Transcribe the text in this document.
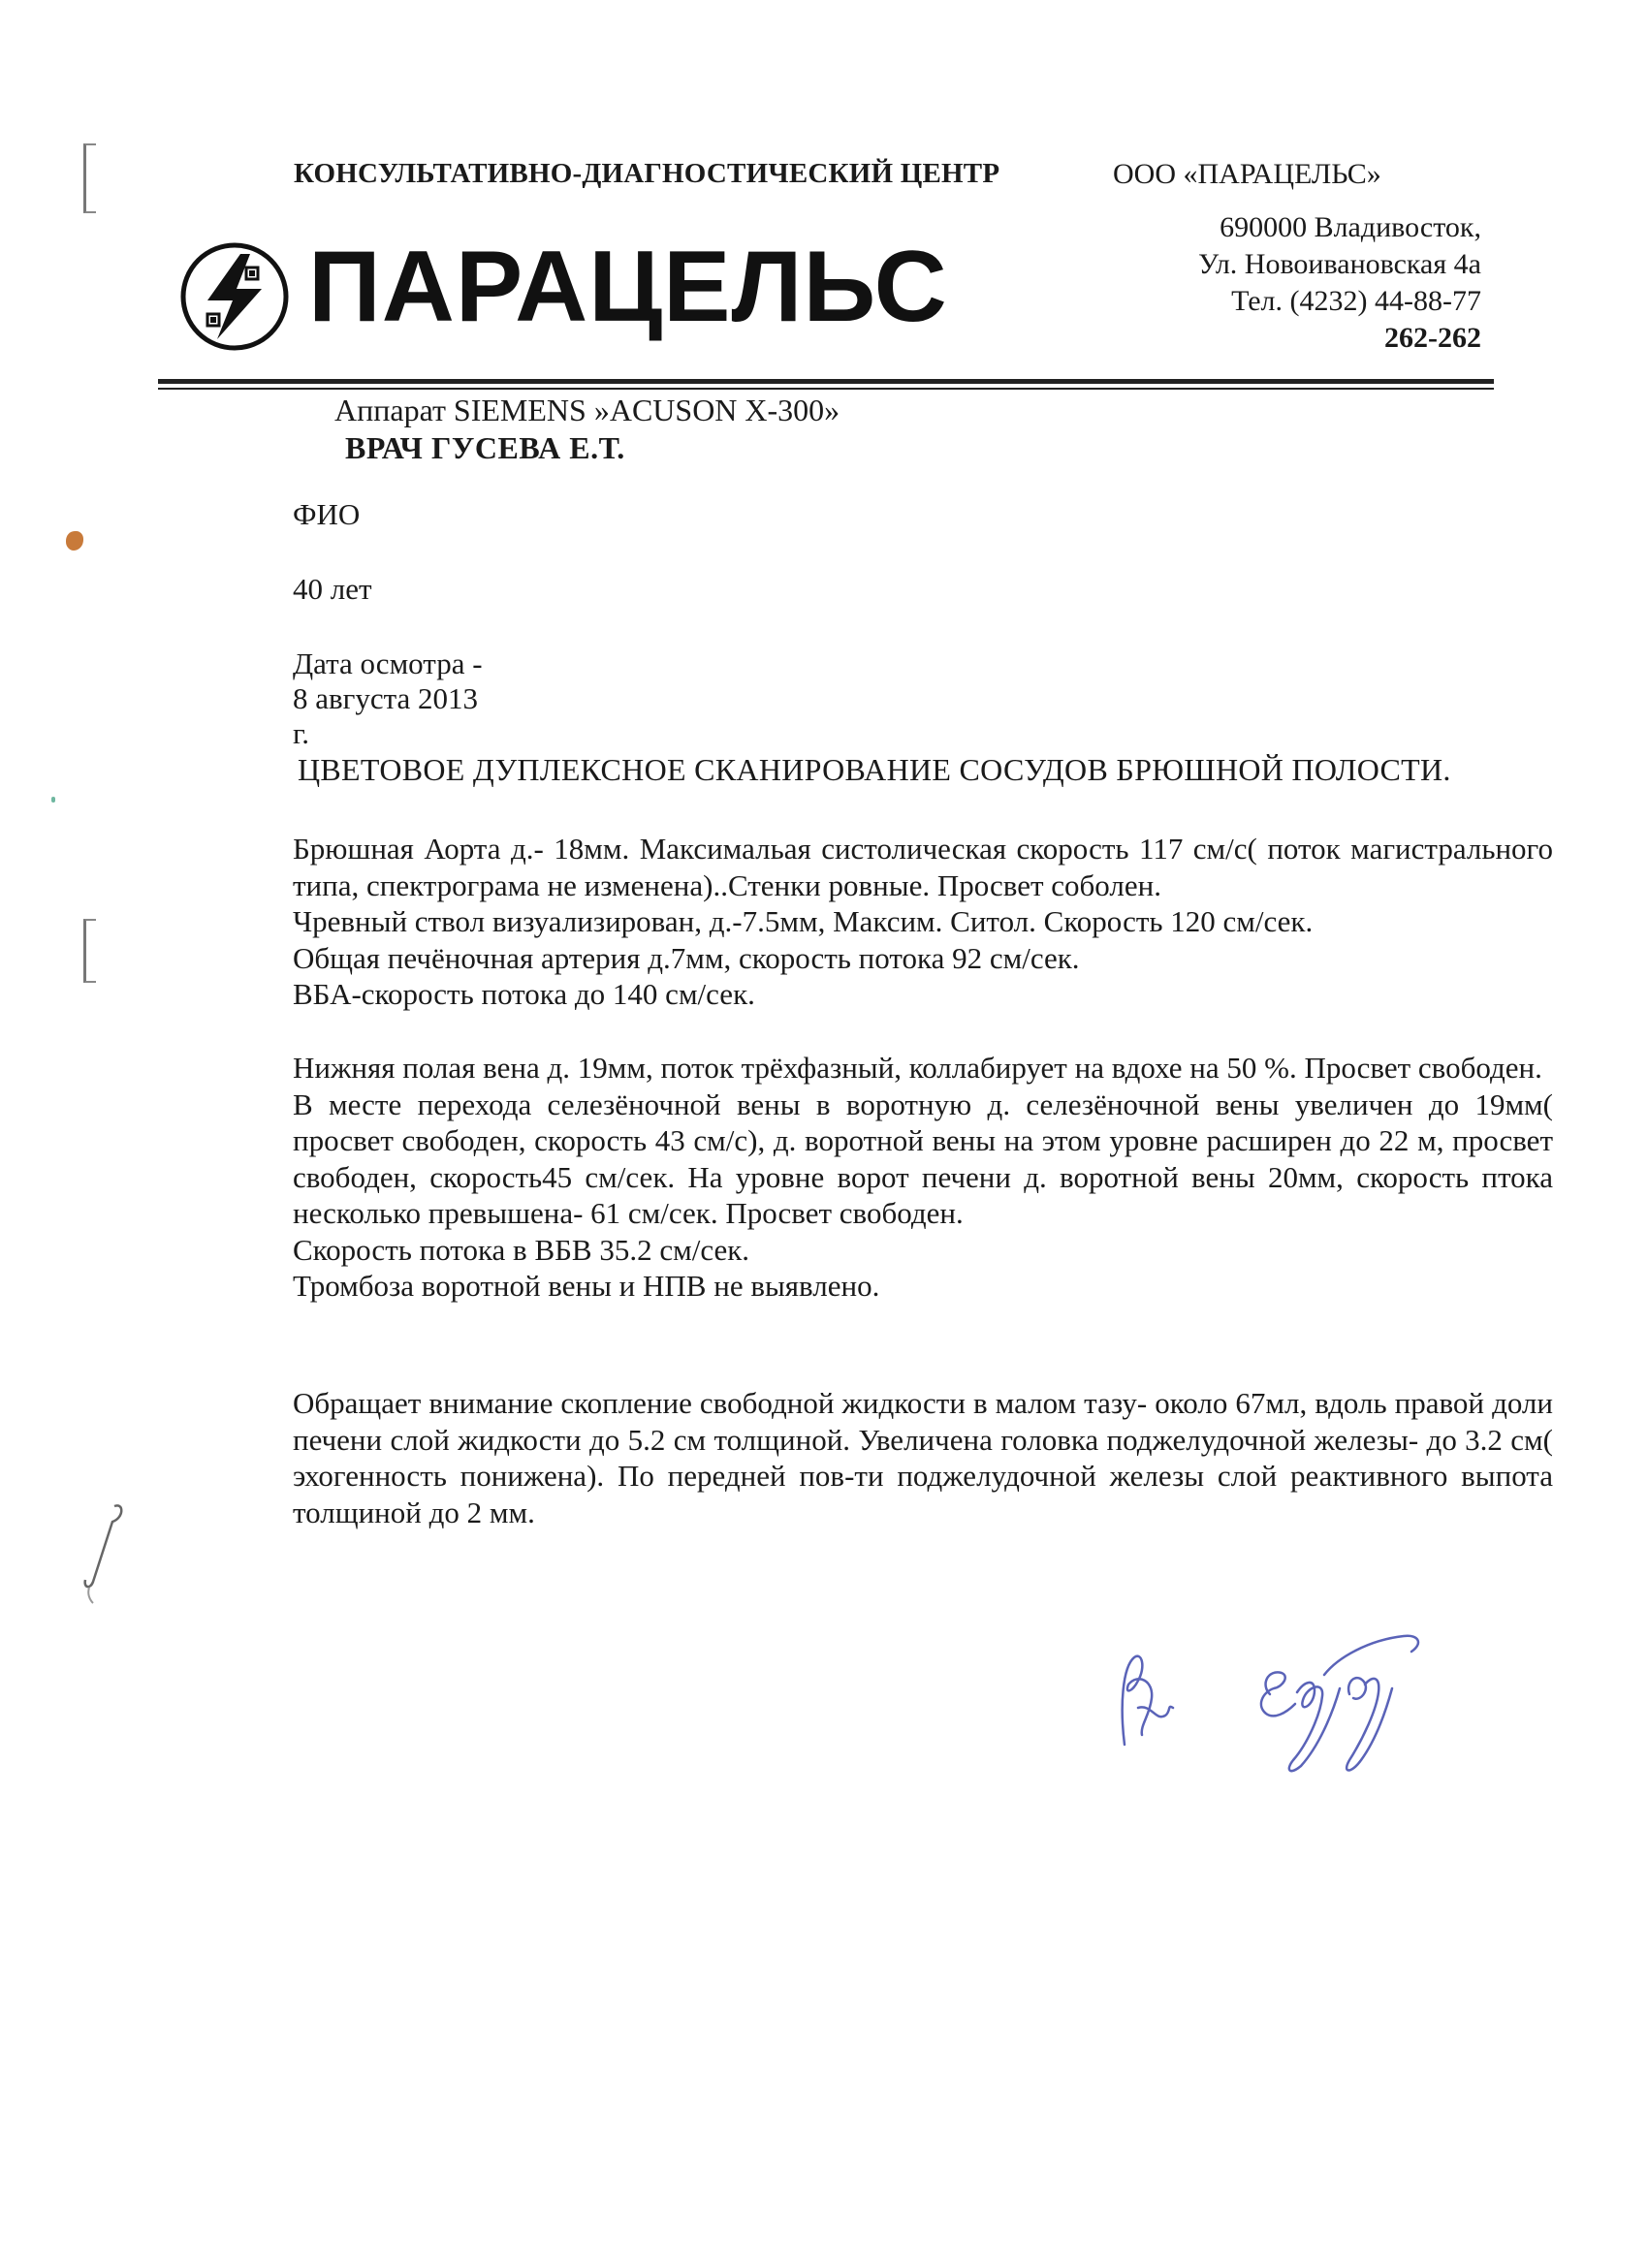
КОНСУЛЬТАТИВНО-ДИАГНОСТИЧЕСКИЙ ЦЕНТР	ООО «ПАРАЦЕЛЬС»
690000 Владивосток,
Ул. Новоивановская 4а
Тел. (4232) 44-88-77
262-262
ПАРАЦЕЛЬС
Аппарат SIEMENS »ACUSON X-300»
ВРАЧ ГУСЕВА Е.Т.
ФИО
40 лет
Дата осмотра -
8 августа 2013
г.
ЦВЕТОВОЕ ДУПЛЕКСНОЕ СКАНИРОВАНИЕ СОСУДОВ БРЮШНОЙ ПОЛОСТИ.

Брюшная Аорта д.- 18мм. Максимальая систолическая скорость 117 см/с( поток магистрального типа, спектрограма не изменена)..Стенки ровные. Просвет соболен.

Чревный ствол визуализирован, д.-7.5мм, Максим. Ситол. Скорость 120 см/сек.

Общая печёночная артерия д.7мм, скорость потока 92 см/сек.

ВБА-скорость потока до 140 см/сек.

Нижняя полая вена д. 19мм, поток трёхфазный, коллабирует на вдохе на 50 %. Просвет свободен.

В месте перехода селезёночной вены в воротную д. селезёночной вены увеличен до 19мм( просвет свободен, скорость 43 см/с), д. воротной вены на этом уровне расширен до 22 м, просвет свободен, скорость45 см/сек. На уровне ворот печени д. воротной вены 20мм, скорость птока несколько превышена- 61 см/сек. Просвет свободен.

Скорость потока в ВБВ 35.2 см/сек.

Тромбоза воротной вены и НПВ не выявлено.

Обращает внимание скопление свободной жидкости в малом тазу- около 67мл, вдоль правой доли печени слой жидкости до 5.2 см толщиной. Увеличена головка поджелудочной железы- до 3.2 см( эхогенность понижена). По передней пов-ти поджелудочной железы слой реактивного выпота толщиной до 2 мм.
